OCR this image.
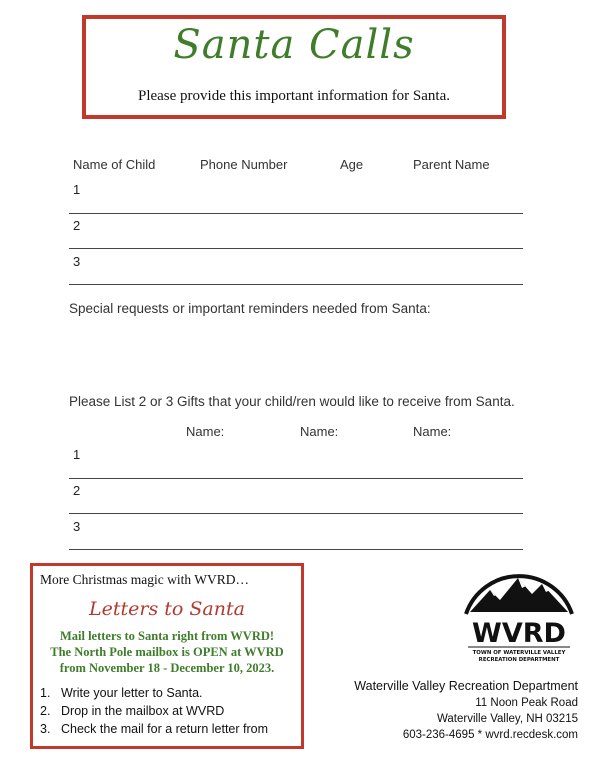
Santa Calls
Please provide this important information for Santa.
Name of Child	Phone Number	Age	Parent Name
1
2
3
Special requests or important reminders needed from Santa:
Please List 2 or 3 Gifts that your child/ren would like to receive from Santa.
Name:	Name:	Name:
1
2
3
More Christmas magic with WVRD…
Letters to Santa
Mail letters to Santa right from WVRD!
The North Pole mailbox is OPEN at WVRD
from November 18 - December 10, 2023.
1. Write your letter to Santa.
2. Drop in the mailbox at WVRD
3. Check the mail for a return letter from
WVRD
TOWN OF WATERVILLE VALLEY
RECREATION DEPARTMENT
Waterville Valley Recreation Department
11 Noon Peak Road
Waterville Valley, NH 03215
603-236-4695 * wvrd.recdesk.com
